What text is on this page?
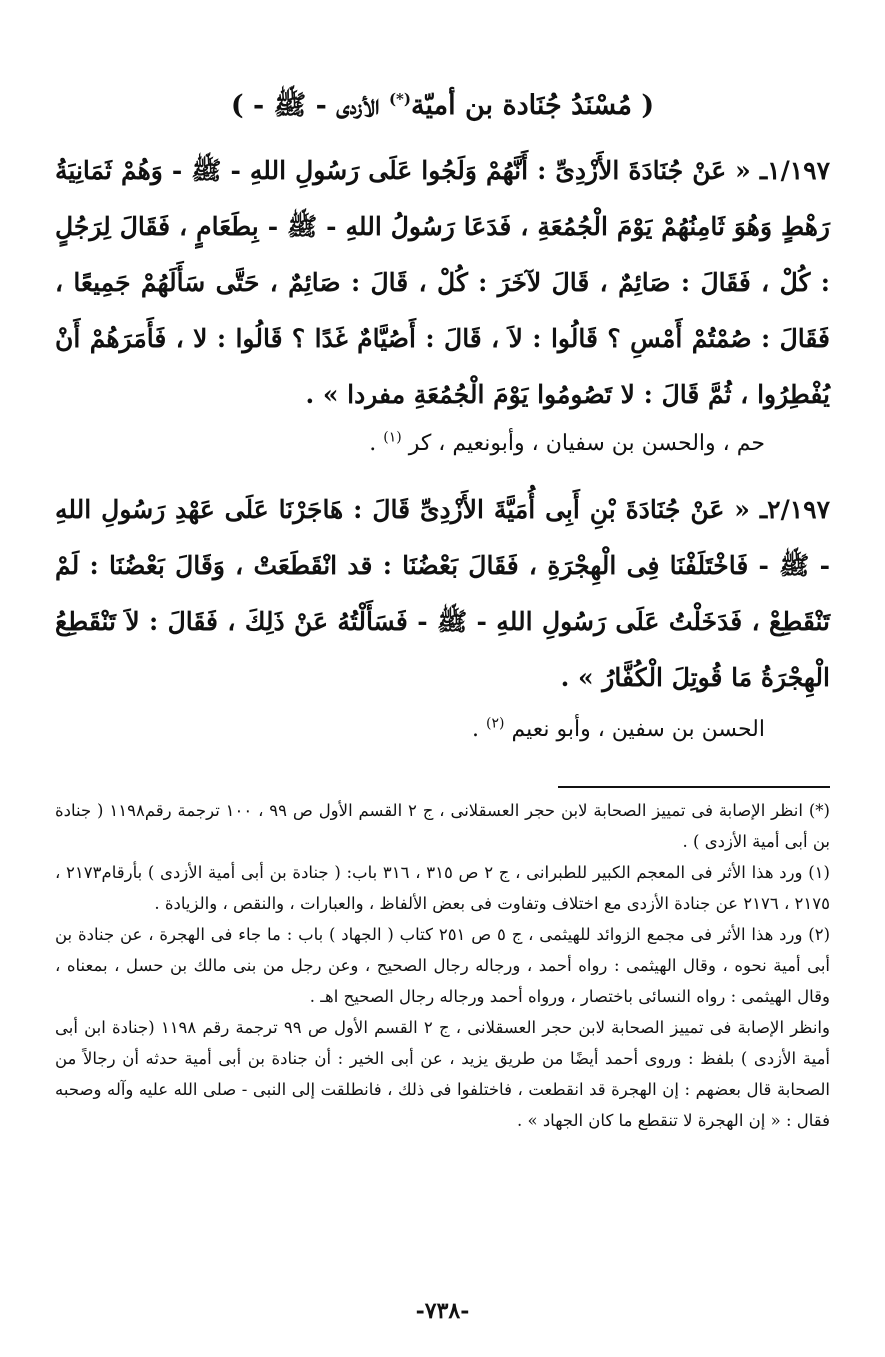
( مُسْنَدُ جُنَادة بن أميّة(*) الأزدى - ﷺ - )
١/١٩٧ـ « عَنْ جُنَادَةَ الأَزْدِىِّ : أَنَّهُمْ وَلَجُوا عَلَى رَسُولِ اللهِ - ﷺ - وَهُمْ ثَمَانِيَةُ رَهْطٍ وَهُوَ ثَامِنُهُمْ يَوْمَ الْجُمُعَةِ ، فَدَعَا رَسُولُ اللهِ - ﷺ - بِطَعَامٍ ، فَقَالَ لِرَجُلٍ : كُلْ ، فَقَالَ : صَائِمٌ ، قَالَ لآخَرَ : كُلْ ، قَالَ : صَائِمٌ ، حَتَّى سَأَلَهُمْ جَمِيعًا ، فَقَالَ : صُمْتُمْ أَمْسِ ؟ قَالُوا : لاَ ، قَالَ : أَصُيَّامٌ غَدًا ؟ قَالُوا : لا ، فَأَمَرَهُمْ أَنْ يُفْطِرُوا ، ثُمَّ قَالَ : لا تَصُومُوا يَوْمَ الْجُمُعَةِ مفردا » .
حم ، والحسن بن سفيان ، وأبونعيم ، كر $^{(١)}$ .
٢/١٩٧ـ « عَنْ جُنَادَةَ بْنِ أَبِى أُمَيَّةَ الأَزْدِىِّ قَالَ : هَاجَرْنَا عَلَى عَهْدِ رَسُولِ اللهِ - ﷺ - فَاخْتَلَفْنَا فِى الْهِجْرَةِ ، فَقَالَ بَعْضُنَا : قد انْقَطَعَتْ ، وَقَالَ بَعْضُنَا : لَمْ تَنْقَطِعْ ، فَدَخَلْتُ عَلَى رَسُولِ اللهِ - ﷺ - فَسَأَلْتُهُ عَنْ ذَلِكَ ، فَقَالَ : لاَ تَنْقَطِعُ الْهِجْرَةُ مَا قُوتِلَ الْكُفَّارُ » .
الحسن بن سفين ، وأبو نعيم $^{(٢)}$ .

(*) انظر الإصابة فى تمييز الصحابة لابن حجر العسقلانى ، ج ٢ القسم الأول ص ٩٩ ، ١٠٠ ترجمة رقم١١٩٨ ( جنادة بن أبى أمية الأزدى ) .

(١) ورد هذا الأثر فى المعجم الكبير للطبرانى ، ج ٢ ص ٣١٥ ، ٣١٦ باب: ( جنادة بن أبى أمية الأزدى ) بأرقام٢١٧٣ ، ٢١٧٥ ، ٢١٧٦ عن جنادة الأزدى مع اختلاف وتفاوت فى بعض الألفاظ ، والعبارات ، والنقص ، والزيادة .

(٢) ورد هذا الأثر فى مجمع الزوائد للهيثمى ، ج ٥ ص ٢٥١ كتاب ( الجهاد ) باب : ما جاء فى الهجرة ، عن جنادة بن أبى أمية نحوه ، وقال الهيثمى : رواه أحمد ، ورجاله رجال الصحيح ، وعن رجل من بنى مالك بن حسل ، بمعناه ، وقال الهيثمى : رواه النسائى باختصار ، ورواه أحمد ورجاله رجال الصحيح اهـ .

وانظر الإصابة فى تمييز الصحابة لابن حجر العسقلانى ، ج ٢ القسم الأول ص ٩٩ ترجمة رقم ١١٩٨ (جنادة ابن أبى أمية الأزدى ) بلفظ : وروى أحمد أيضًا من طريق يزيد ، عن أبى الخير : أن جنادة بن أبى أمية حدثه أن رجالاً من الصحابة قال بعضهم : إن الهجرة قد انقطعت ، فاختلفوا فى ذلك ، فانطلقت إلى النبى - صلى الله عليه وآله وصحبه فقال : « إن الهجرة لا تنقطع ما كان الجهاد » .

-٧٣٨-
